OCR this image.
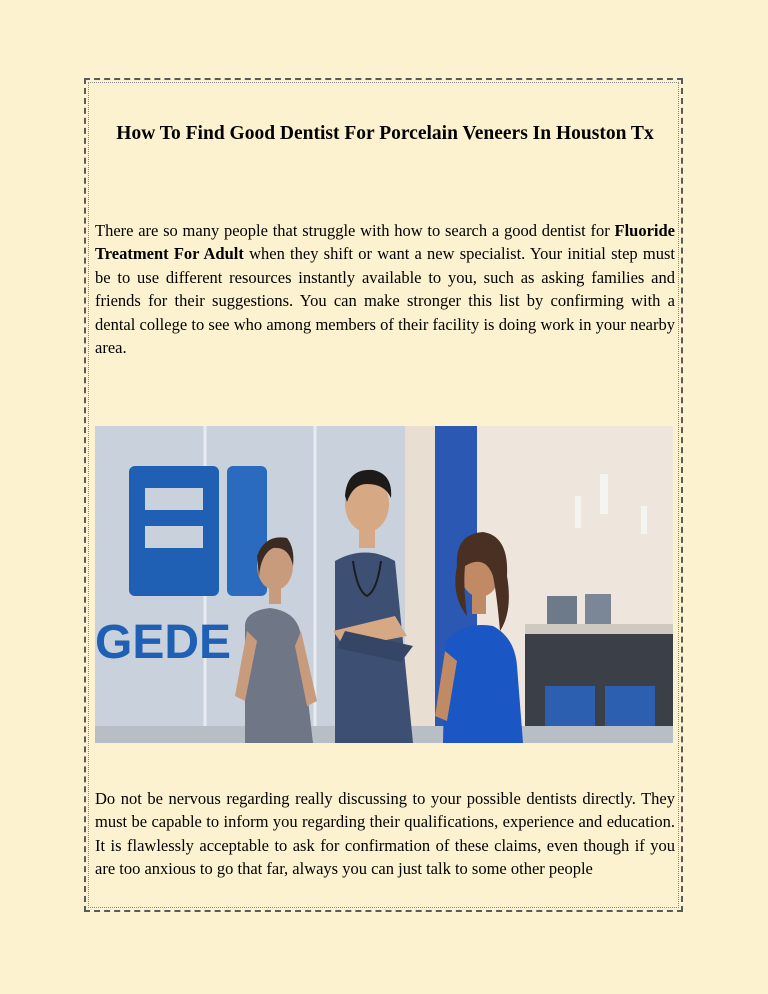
How To Find Good Dentist For Porcelain Veneers In Houston Tx
There are so many people that struggle with how to search a good dentist for Fluoride Treatment For Adult when they shift or want a new specialist. Your initial step must be to use different resources instantly available to you, such as asking families and friends for their suggestions. You can make stronger this list by confirming with a dental college to see who among members of their facility is doing work in your nearby area.
GEDE
Do not be nervous regarding really discussing to your possible dentists directly. They must be capable to inform you regarding their qualifications, experience and education. It is flawlessly acceptable to ask for confirmation of these claims, even though if you are too anxious to go that far, always you can just talk to some other people
